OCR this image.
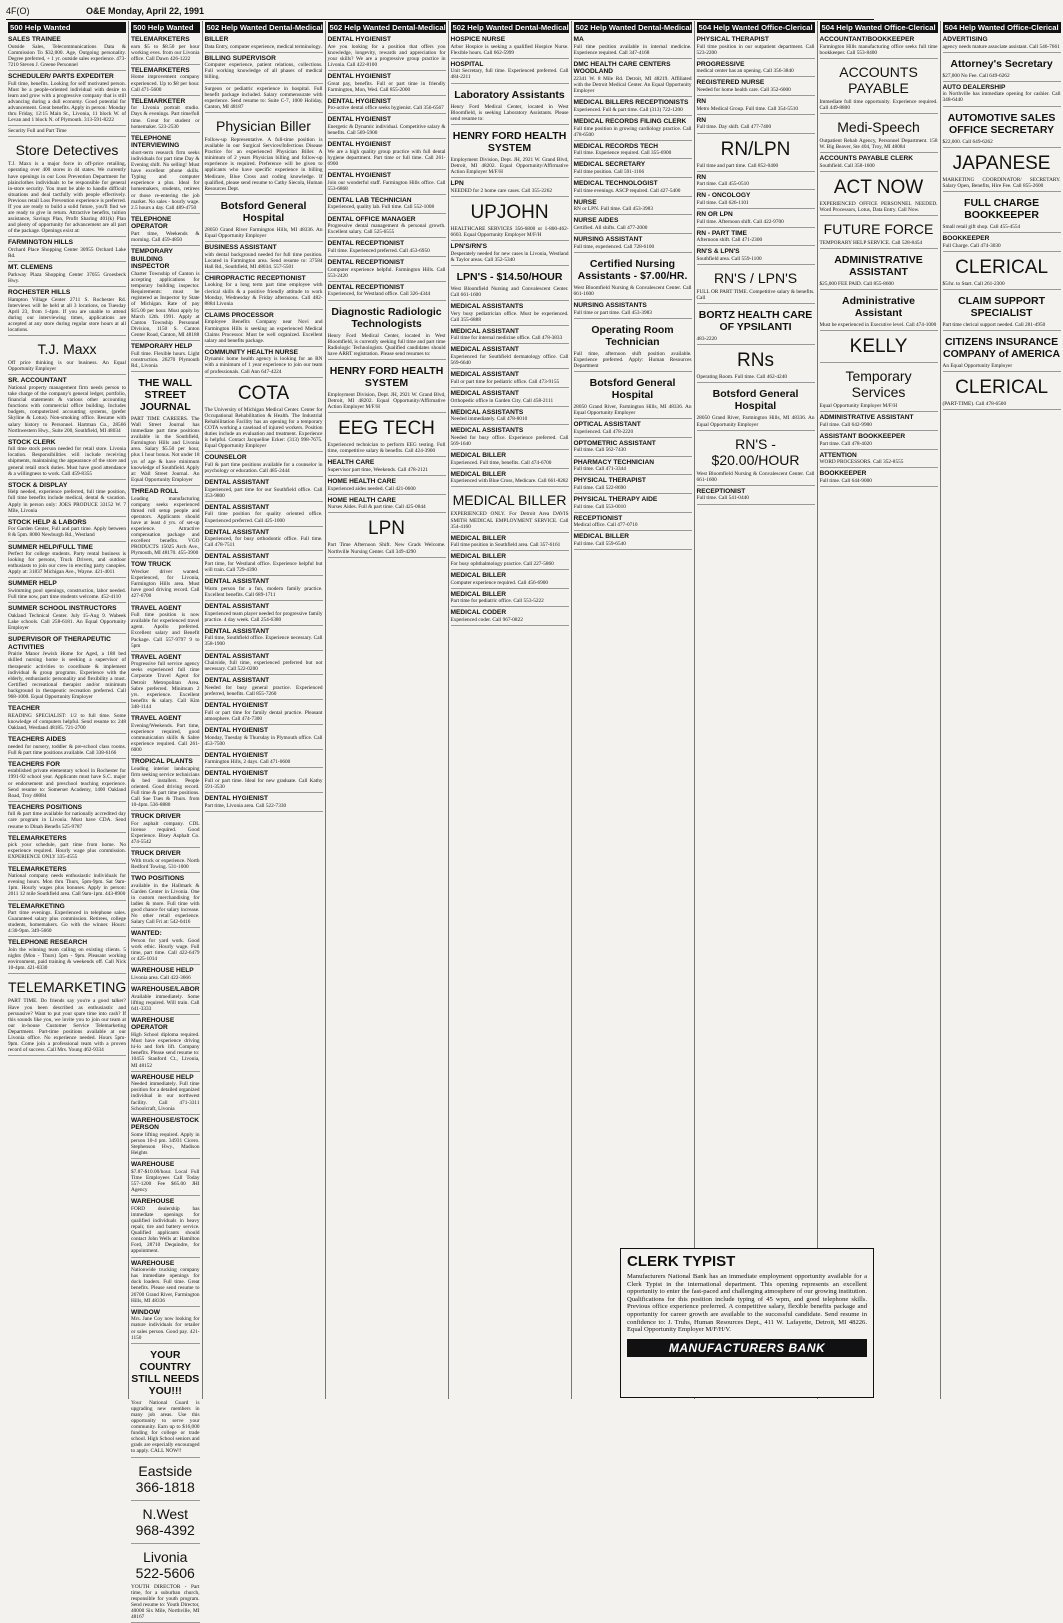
4F(O)	O&E Monday, April 22, 1991
500 Help Wanted
SALES TRAINEE

Outside Sales, Telecommunications Data & Commission To $32,000. Age, Outgoing personality. Degree preferred, + 1 yr. outside sales experience. 473-7210 Steven J. Greene Personnel

SCHEDULER/ PARTS EXPEDITER

Full time, benefits. Looking for self motivated person. Must be a people-oriented individual with desire to learn and grow with a progressive company that is still advancing during a dull economy. Good potential for advancement. Great benefits. Apply in person: Monday thru Friday, 12:15 Main St., Livonia, 11 block W. of Levan and 1 block N. of Plymouth. 313-591-8222

Security Full and Part Time

Store Detectives

T.J. Maxx is a major force in off-price retailing, operating over 400 stores in 44 states. We currently have openings in our Loss Prevention Department for plainclothes individuals to be responsible for general in-store security. You must be able to handle difficult situations and deal tactfully with people effectively. Previous retail Loss Prevention experience is preferred. If you are ready to build a solid future, you'll find we are ready to give in return. Attractive benefits, tuition assistance, Savings Plan, Profit Sharing 401(k) Plan and plenty of opportunity for advancement are all part of the package. Openings exist at:

FARMINGTON HILLS

Orchard Place Shopping Center 30955 Orchard Lake Rd.

MT. CLEMENS

Parkway Plaza Shopping Center 37055 Groesbeck Hwy.

ROCHESTER HILLS

Hampton Village Center 2711 S. Rochester Rd. Interviews will be held at all 3 locations, on Tuesday April 23, from 1-4pm. If you are unable to attend during our interviewing times, applications are accepted at any store during regular store hours at all locations.

T.J. Maxx

Off price thinking is our business. An Equal Opportunity Employer

SR. ACCOUNTANT

National property management firm needs person to take charge of the company's general ledger, portfolio, financial statements & various other accounting functions with commercial office building. Includes budgets, computerized accounting systems, (prefer Skyline & Lotus). Non-smoking office. Resume with salary history to Personnel. Hartman Co., 28566 Northwestern Hwy., Suite 200, Southfield, MI 48034

STOCK CLERK

full time stock person needed for retail store. Livonia location. Responsibilities will include receiving shipments, maintaining the appearance of the store and general retail stock duties. Must have good attendance & a willingness to work. Call 459-8355

STOCK & DISPLAY

Help needed, experience preferred, full time position, full time benefits include medical, dental & vacation. Apply in person only: JOES PRODUCE 33152 W. 7 Mile, Livonia

STOCK HELP & LABORS

For Garden Center, Full and part time. Apply between 8 & 5pm. 8000 Newburgh Rd., Westland

SUMMER HELP/FULL TIME

Perfect for college students. Party rental business is looking for persons, Truck Drivers, and outdoor enthusiasts to join our crew in erecting party canopies. Apply at: 31837 Michigan Ave., Wayne. 421-4011

SUMMER HELP

Swimming pool openings, construction, labor needed. Full time now, part time students welcome. 452-4110

SUMMER SCHOOL INSTRUCTORS

Oakland Technical Center. July 15-Aug 9. Wabeek Lake schools. Call 258-6181. An Equal Opportunity Employer

SUPERVISOR OF THERAPEUTIC ACTIVITIES

Prairie Manor Jewish Home for Aged, a 188 bed skilled nursing home is seeking a supervisor of therapeutic activities to coordinate & implement individual & group programs. Experience with the elderly, enthusiastic personality and flexibility a must. Certified recreational therapist and/or minimum background in therapeutic recreation preferred. Call 968-1000. Equal Opportunity Employer

TEACHER

READING SPECIALIST: 1/2 to full time. Some knowledge of computers helpful. Send resume to: 248 Oakland, Westland 48185. 721-2700

TEACHERS AIDES

needed for nursery, toddler & pre-school class rooms. Full & part time positions available. Call 338-6166

TEACHERS FOR

established private elementary school in Rochester for 1991-92 school year. Applicants must have S.C. major or endorsement and preschool teaching experience. Send resume to: Somerset Academy, 1400 Oakland Road, Troy 48084

TEACHERS POSITIONS

full & part time available for nationally accredited day care program in Livonia. Must have CDA. Send resume to Dinah Benefis 525-9787

TELEMARKETERS

pick your schedule, part time from home. No experience required. Hourly wage plus commission. EXPERIENCE ONLY 335-4555

TELEMARKETERS

National company needs enthusiastic individuals for evening hours. Mon thru Thurs, 5pm-9pm. Sat 9am-1pm. Hourly wages plus bonuses. Apply in person: 2011 12 mile Southfield area. Call 9am-1pm. 443-8900

TELEMARKETING

Part time evenings. Experienced in telephone sales. Guaranteed salary plus commission. Retirees, college students, homemakers. Go with the winner. Hours: 4:30-9pm. 349-5660

TELEPHONE RESEARCH

Join the winning team calling on existing clients. 5 nights (Mon - Thurs) 5pm - 9pm. Pleasant working environment, paid training & weekends off. Call Nick 10-4pm. 421-8330

TELEMARKETING

PART TIME. Do friends say you're a good talker? Have you been described as enthusiastic and persuasive? Want to put your spare time into cash? If this sounds like you, we invite you to join our team at our in-house Customer Service Telemarketing Department. Part-time positions available at our Livonia office. No experience needed. Hours 5pm-9pm. Come join a professional team with a proven record of success. Call Mrs. Young 462-9334

500 Help Wanted
TELEMARKETERS

earn $5 to $8.50 per hour working eves. from our Livonia office. Call Dawn 426-1222

TELEMARKETERS

Home improvement company experienced. Up to $8 per hour. Call 471-5600

TELEMARKETER

for Livonia portrait studio. Days & evenings. Part time/full time. Great for student or homemaker. 523-2530

TELEPHONE INTERVIEWING

short-term research firm seeks individuals for part time Day & Evening shift. No selling! Must have excellent phone skills. Typing and computer experience a plus. Ideal for homemakers, students, retirees or those re-entering the job market. No sales - hourly wage. 2.5 hours a day. Call 489-4750

TELEPHONE OPERATOR

Part time, Weekends & morning. Call 459-4850

TEMPORARY BUILDING INSPECTOR

Charter Township of Canton is accepting applications for temporary building inspector. Requirements: must be registered as Inspector by State of Michigan. Rate of pay $15.00 per hour. Must apply by March 12th. 1991. Apply at Canton Township Personnel Division, 1150 S. Canton Center Road, Canton, MI 48188

TEMPORARY HELP

Full time. Flexible hours. Light construction. 26270 Plymouth Rd., Livonia

THE WALL STREET JOURNAL

PART TIME CAREERS. The Wall Street Journal has immediate part time positions available in the Southfield, Farmington Hills and Livonia area. Salary $5.50 per hour, plus 1 hour bonus. Not under 18 yrs of age & have minimum knowledge of Southfield. Apply at: Wall Street Journal. An Equal Opportunity Employer

THREAD ROLL

Leading manufacturing company seeks experienced thread roll setup people and operators. Applicants should have at least 4 yrs. of set-up experience. Attractive compensation package and excellent benefits. VGO PRODUCTS 15025 Arch Ave., Plymouth, MI 48170. 455-3900

TOW TRUCK

Wrecker driver wanted. Experienced, for Livonia, Farmington Hills area. Must have good driving record. Call 427-6700

TRAVEL AGENT

Full time position is now available for experienced travel agent. Apollo preferred. Excellent salary and Benefit Package. Call 557-9797 9 to 5pm

TRAVEL AGENT

Progressive full service agency seeks experienced full time Corporate Travel Agent for Detroit Metropolitan Area. Sabre preferred. Minimum 2 yrs. experience. Excellent benefits & salary. Call Kim 348-1144

TRAVEL AGENT

Evening/Weekends. Part time, experience required, good communication skills & Sabre experience required. Call 261-6000

TROPICAL PLANTS

Leading interior landscaping firm seeking service technicians & bed installers. People oriented. Good driving record. Full time & part time positions. Call Sue Tues & Thurs. from 10-4pm. 536-8880

TRUCK DRIVER

For asphalt company. CDL license required. Good Experience. Bisey Asphalt Co. 474-5542

TRUCK DRIVER

With truck or experience. North Redford Towing. 531-1000

TWO POSITIONS

available in the Hallmark & Garden Center in Livonia. One in custom merchandising for ladies & more. Full time with good chance for salary increase. No other retail experience. Salary Call Fri at: 542-0416

WANTED:

Person for yard work. Good work ethic. Hourly wage. Full time, part time. Call 422-6479 or 425-1014

WAREHOUSE HELP

Livonia area. Call 422-3666

WAREHOUSE/LABOR

Available immediately. Some lifting required. Will train. Call 641-3333

WAREHOUSE OPERATOR

High School diploma required. Must have experience driving hi-lo and fork lift. Company benefits. Please send resume to: 10455 Stanford Ct., Livonia, MI 48152

WAREHOUSE HELP

Needed immediately. Full time position for a detailed organized individual in our northwest facility. Call 471-3311 Schoolcraft, Livonia

WAREHOUSE/STOCK PERSON

Some lifting required. Apply in person 10-4 pm. 34931 Cicero. Stephenson Hwy., Madison Heights

WAREHOUSE

$7.87-$10.00/hour. Local Full Time Employees Call Today 557-1200 Fee $65.00 JHI Agency

WAREHOUSE

FORD dealership has immediate openings for qualified individuals in heavy repair, tire and battery service. Qualified applicants should contact John Wells at: Hamilton Ford, 28710 Dequindre, for appointment.

WAREHOUSE

Nationwide trucking company has immediate openings for dock loaders. Full time. Great benefits. Please send resume to 26700 Grand River, Farmington Hills, MI 48336

WINDOW

Mrs. Jane Coy now looking for mature individuals for retailer or sales person. Good pay. 421-1150

YOUR COUNTRY STILL NEEDS YOU!!!

Your National Guard is upgrading new members in many job areas. Use this opportunity to serve your community. Earn up to $16,000 funding for college or trade school. High School seniors and grads are especially encouraged to apply. CALL NOW!!

Eastside 366-1818
N.West 968-4392
Livonia 522-5606

YOUTH DIRECTOR - Part time, for a suburban church, responsible for youth program. Send resume to: Youth Director, 40000 Six Mile, Northville, MI 48167

502 Help Wanted Dental-Medical
BILLER

Data Entry, computer experience, medical terminology.

BILLING SUPERVISOR

Computer experience, patient relations, collections. Full working knowledge of all phases of medical billing.

Surgeon or pediatric experience in hospital. Full benefit package included. Salary commensurate with experience. Send resume to: Suite C-7, 1000 Holiday, Canton, MI 48187

Physician Biller

Follow-up Representative. A full-time position is available in our Surgical Services/Infectious Disease Practice for an experienced Physician Biller. A minimum of 2 years Physician billing and follow-up experience is required. Preference will be given to applicants who have specific experience in billing Medicare, Blue Cross and coding knowledge. If qualified, please send resume to Cathy Siecola, Human Resources Dept.

Botsford General Hospital

28050 Grand River Farmington Hills, MI 48336. An Equal Opportunity Employer

BUSINESS ASSISTANT

with dental background needed for full time position. Located in Farmington area. Send resume to: 37584 Hall Rd., Southfield, MI 48034. 557-5501

CHIROPRACTIC RECEPTIONIST

Looking for a long term part time employee with clerical skills & a positive friendly attitude to work Monday, Wednesday & Friday afternoons. Call 482-8884 Livonia

CLAIMS PROCESSOR

Employee Benefits Company near Novi and Farmington Hills is seeking an experienced Medical Claims Processor. Must be well organized. Excellent salary and benefits package.

COMMUNITY HEALTH NURSE

Dynamic home health agency is looking for an RN with a minimum of 1 year experience to join our team of professionals. Call Ann 647-4224

COTA

The University of Michigan Medical Center. Center for Occupational Rehabilitation & Health. The Industrial Rehabilitation Facility has an opening for a temporary COTA working a caseload of injured workers. Position duties include an evaluation and treatment. Experience is helpful. Contact Jacqueline Ecker: (313) 998-7675. Equal Opportunity Employer

COUNSELOR

Full & part time positions available for a counselor in psychology or education. Call 485-2444

DENTAL ASSISTANT

Experienced, part time for our Southfield office. Call 353-9800

DENTAL ASSISTANT

Full time position for quality oriented office. Experienced preferred. Call 425-1000

DENTAL ASSISTANT

Experienced, for busy orthodontic office. Full time. Call 478-7511

DENTAL ASSISTANT

Part time, for Westland office. Experience helpful but will train. Call 729-4390

DENTAL ASSISTANT

Warm person for a fun, modern family practice. Excellent benefits. Call 689-1711

DENTAL ASSISTANT

Experienced team player needed for progressive family practice. 4 day week. Call 254-6380

DENTAL ASSISTANT

Full time, Southfield office. Experience necessary. Call 358-1900

DENTAL ASSISTANT

Chairside, full time, experienced preferred but not necessary. Call 522-0200

DENTAL ASSISTANT

Needed for busy general practice. Experienced preferred, benefits. Call 855-7260

DENTAL HYGIENIST

Full or part time for family dental practice. Pleasant atmosphere. Call 474-7300

DENTAL HYGIENIST

Monday, Tuesday & Thursday in Plymouth office. Call 453-7500

DENTAL HYGIENIST

Farmington Hills, 2 days. Call 471-0600

DENTAL HYGIENIST

Full or part time. Ideal for new graduate. Call Kathy 591-3530

DENTAL HYGIENIST

Part time, Livonia area. Call 522-7330

502 Help Wanted Dental-Medical
DENTAL HYGIENIST

Are you looking for a position that offers you knowledge, longevity, rewards and appreciation for your skills? We are a progressive group practice in Livonia. Call 422-8100

DENTAL HYGIENIST

Great pay, benefits. Full or part time in friendly Farmington, Mon, Wed. Call 855-2000

DENTAL HYGIENIST

Pro-active dental office seeks hygienist. Call 356-6567

DENTAL HYGIENIST

Energetic & Dynamic individual. Competitive salary & benefits. Call 569-5900

DENTAL HYGIENIST

We are a high quality group practice with full dental hygiene department. Part time or full time. Call 261-6900

DENTAL HYGIENIST

Join our wonderful staff. Farmington Hills office. Call 553-6868

DENTAL LAB TECHNICIAN

Experienced, quality lab. Full time. Call 552-1008

DENTAL OFFICE MANAGER

Progressive dental management & personal growth. Excellent salary. Call 525-6555

DENTAL RECEPTIONIST

Full time. Experienced preferred. Call 453-6950

DENTAL RECEPTIONIST

Computer experience helpful. Farmington Hills. Call 553-2420

DENTAL RECEPTIONIST

Experienced, for Westland office. Call 326-4344

Diagnostic Radiologic Technologists

Henry Ford Medical Center, located in West Bloomfield, is currently seeking full time and part time Radiologic Technologists. Qualified candidates should have ARRT registration. Please send resumes to:

HENRY FORD HEALTH SYSTEM

Employment Division, Dept. JH, 2921 W. Grand Blvd, Detroit, MI 48202. Equal Opportunity/Affirmative Action Employer M/F/H

EEG TECH

Experienced technician to perform EEG testing. Full time, competitive salary & benefits. Call 424-3900

HEALTH CARE

Supervisor part time, Weekends. Call 478-2121

HOME HEALTH CARE

Experienced aides needed. Call 421-0600

HOME HEALTH CARE

Nurses Aides. Full & part time. Call 425-0844

LPN

Part Time Afternoon Shift. New Grads Welcome. Northville Nursing Center. Call 349-4290

502 Help Wanted Dental-Medical
HOSPICE NURSE

Arbor Hospice is seeking a qualified Hospice Nurse. Flexible hours. Call 662-5999

HOSPITAL

Unit Secretary, full time. Experienced preferred. Call 484-2211

Laboratory Assistants

Henry Ford Medical Center, located in West Bloomfield, is seeking Laboratory Assistants. Please send resume to:

HENRY FORD HEALTH SYSTEM

Employment Division, Dept. JH, 2921 W. Grand Blvd, Detroit, MI 48202. Equal Opportunity/Affirmative Action Employer M/F/H

LPN

NEEDED for 2 home care cases. Call 355-2262

UPJOHN

HEALTHCARE SERVICES 356-6800 or 1-800-462-6603. Equal Opportunity Employer M/F/H

LPN'S/RN'S

Desperately needed for new cases in Livonia, Westland & Taylor areas. Call 352-5340

LPN'S - $14.50/HOUR

West Bloomfield Nursing and Convalescent Center. Call 661-1600

MEDICAL ASSISTANTS

Very busy pediatrician office. Must be experienced. Call 355-6888

MEDICAL ASSISTANT

Full time for internal medicine office. Call 478-3833

MEDICAL ASSISTANT

Experienced for Southfield dermatology office. Call 569-6640

MEDICAL ASSISTANT

Full or part time for pediatric office. Call 473-9155

MEDICAL ASSISTANT

Orthopedic office in Garden City. Call 458-2111

MEDICAL ASSISTANTS

Needed immediately. Call 478-8010

MEDICAL ASSISTANTS

Needed for busy office. Experience preferred. Call 569-1640

MEDICAL BILLER

Experienced. Full time, benefits. Call 474-6700

MEDICAL BILLER

Experienced with Blue Cross, Medicare. Call 661-8282

MEDICAL BILLER

EXPERIENCED ONLY. For Detroit Area DAVIS SMITH MEDICAL EMPLOYMENT SERVICE. Call 354-4160

MEDICAL BILLER

Full time position in Southfield area. Call 357-6161

MEDICAL BILLER

For busy ophthalmology practice. Call 227-5860

MEDICAL BILLER

Computer experience required. Call 456-6900

MEDICAL BILLER

Part time for pediatric office. Call 553-5222

MEDICAL CODER

Experienced coder. Call 967-0822

502 Help Wanted Dental-Medical
MA

Full time position available in internal medicine. Experience required. Call 347-4168

DMC HEALTH CARE CENTERS WOODLAND

22341 W. 8 Mile Rd. Detroit, MI 48219. Affiliated with the Detroit Medical Center. An Equal Opportunity Employer

MEDICAL BILLERS RECEPTIONISTS

Experienced. Full & part time. Call (313) 722-1200

MEDICAL RECORDS FILING CLERK

Full time position in growing cardiology practice. Call 478-6500

MEDICAL RECORDS TECH

Full time. Experience required. Call 355-6900

MEDICAL SECRETARY

Full time position. Call 591-1166

MEDICAL TECHNOLOGIST

Full time evenings. ASCP required. Call 427-5400

NURSE

RN or LPN. Full time. Call 453-3983

NURSE AIDES

Certified. All shifts. Call 477-2000

NURSING ASSISTANT

Full time, experienced. Call 728-6100

Certified Nursing Assistants - $7.00/HR.

West Bloomfield Nursing & Convalescent Center. Call 661-1600

NURSING ASSISTANTS

Full time or part time. Call 453-3983

Operating Room Technician

Full time, afternoon shift position available. Experience preferred. Apply: Human Resources Department

Botsford General Hospital

28050 Grand River, Farmington Hills, MI 48336. An Equal Opportunity Employer

OPTICAL ASSISTANT

Experienced. Call 478-2220

OPTOMETRIC ASSISTANT

Full time. Call 562-7430

PHARMACY TECHNICIAN

Full time. Call 471-3344

PHYSICAL THERAPIST

Full time. Call 522-8690

PHYSICAL THERAPY AIDE

Full time. Call 553-0010

RECEPTIONIST

Medical office. Call 477-0710

MEDICAL BILLER

Full time. Call 559-6540

504 Help Wanted Office-Clerical
PHYSICAL THERAPIST

Full time position in our outpatient department. Call 523-2200

PROGRESSIVE

medical center has an opening. Call 356-3840

REGISTERED NURSE

Needed for home health care. Call 352-6000

RN

Metro Medical Group. Full time. Call 354-5510

RN

Full time. Day shift. Call 477-7400

RN/LPN

Full time and part time. Call 852-0400

RN

Part time. Call 455-0510

RN - ONCOLOGY

Full time. Call 626-1101

RN OR LPN

Full time. Afternoon shift. Call 422-9700

RN - PART TIME

Afternoon shift. Call 471-2300

RN'S & LPN'S

Southfield area. Call 559-1100

RN'S / LPN'S

FULL OR PART TIME. Competitive salary & benefits. Call

BORTZ HEALTH CARE OF YPSILANTI

483-2220

RNs

Operating Room. Full time. Call 462-4240

Botsford General Hospital

28050 Grand River, Farmington Hills, MI 48336. An Equal Opportunity Employer

RN'S - $20.00/HOUR

West Bloomfield Nursing & Convalescent Center. Call 661-1600

RECEPTIONIST

Full time. Call 541-0440

504 Help Wanted Office-Clerical
ACCOUNTANT/BOOKKEEPER

Farmington Hills manufacturing office seeks full time bookkeeper. Call 553-8400

ACCOUNTS PAYABLE

Immediate full time opportunity. Experience required. Call 449-8800

Medi-Speech

Outpatient Rehab Agency, Personnel Department. 158 W. Big Beaver, Ste 404, Troy, MI 48084

ACCOUNTS PAYABLE CLERK

Southfield. Call 358-1600

ACT NOW

EXPERIENCED OFFICE PERSONNEL NEEDED. Word Processors, Lotus, Data Entry. Call Now.

FUTURE FORCE

TEMPORARY HELP SERVICE. Call 528-8454

ADMINISTRATIVE ASSISTANT

$25,000 FEE PAID. Call 855-8600

Administrative Assistant

Must be experienced in Executive level. Call 474-1000

KELLY
Temporary Services

Equal Opportunity Employer M/F/H

ADMINISTRATIVE ASSISTANT

Full time. Call 642-9900

ASSISTANT BOOKKEEPER

Part time. Call 478-4020

ATTENTION

WORD PROCESSORS. Call 352-8555

BOOKKEEPER

Full time. Call 644-9000

504 Help Wanted Office-Clerical
ADVERTISING

agency needs mature associate assistant. Call 546-7661

Attorney's Secretary

$27,000 No Fee. Call 649-6262

AUTO DEALERSHIP

in Northville has immediate opening for cashier. Call 348-6440

AUTOMOTIVE SALES OFFICE SECRETARY

$22,000. Call 649-6262

JAPANESE

MARKETING COORDINATOR/ SECRETARY. Salary Open, Benefits, Hire Fee. Call 855-2600

FULL CHARGE BOOKKEEPER

Small retail gift shop. Call 455-4554

BOOKKEEPER

Full Charge. Call 474-3030

CLERICAL

$5/hr. to Start. Call 261-2300

CLAIM SUPPORT SPECIALIST

Part time clerical support needed. Call 281-4950

CITIZENS INSURANCE COMPANY of AMERICA

An Equal Opportunity Employer

CLERICAL

(PART-TIME). Call 478-6500

CLERK TYPIST

Manufacturers National Bank has an immediate employment opportunity available for a Clerk Typist in the international department. This opening represents an excellent opportunity to enter the fast-paced and challenging atmosphere of our growing institution. Qualifications for this position include typing of 45 wpm, and good telephone skills. Previous office experience preferred. A competitive salary, flexible benefits package and opportunity for career growth are available to the successful candidate. Send resume in confidence to: J. Truhs, Human Resources Dept., 411 W. Lafayette, Detroit, MI 48226. Equal Opportunity Employer M/F/H/V.

MANUFACTURERS BANK
